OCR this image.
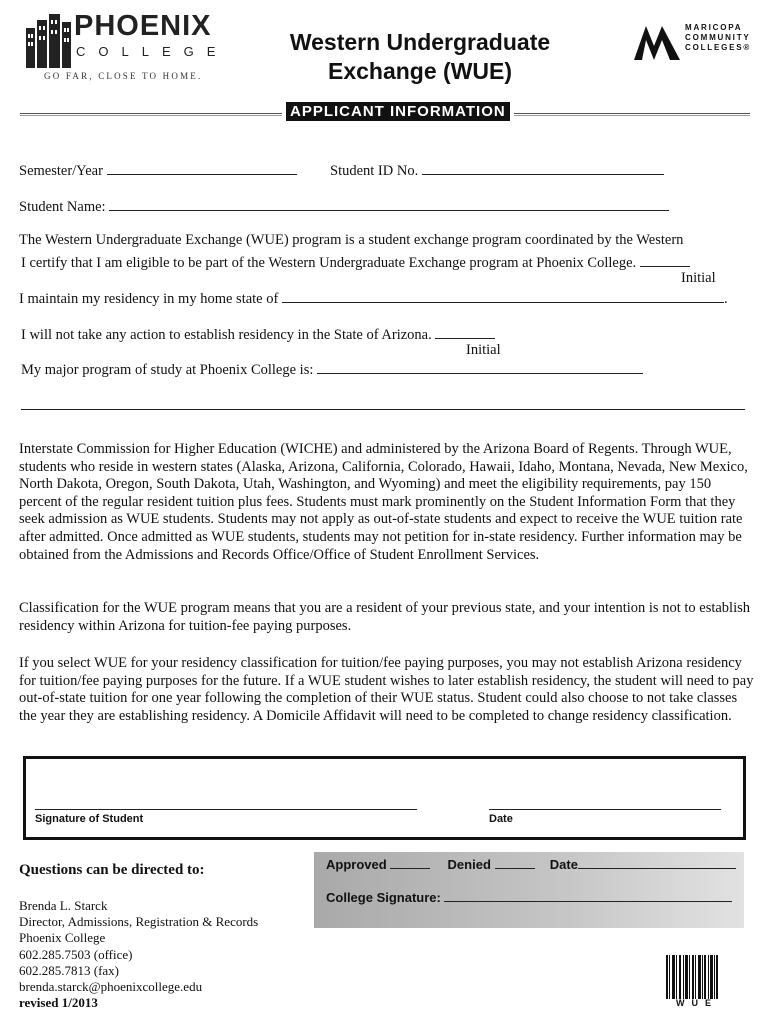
PHOENIX
COLLEGE
GO FAR, CLOSE TO HOME.
Western Undergraduate
Exchange (WUE)
MARICOPA
COMMUNITY
COLLEGES®
APPLICANT INFORMATION
Semester/Year	Student ID No.
Student Name:
The Western Undergraduate Exchange (WUE) program is a student exchange program coordinated by the Western
I certify that I am eligible to be part of the Western Undergraduate Exchange program at Phoenix College.
Initial
I maintain my residency in my home state of	.
I will not take any action to establish residency in the State of Arizona.
Initial
My major program of study at Phoenix College is:
Interstate Commission for Higher Education (WICHE) and administered by the Arizona Board of Regents. Through WUE, students who reside in western states (Alaska, Arizona, California, Colorado, Hawaii, Idaho, Montana, Nevada, New Mexico, North Dakota, Oregon, South Dakota, Utah, Washington, and Wyoming) and meet the eligibility requirements, pay 150 percent of the regular resident tuition plus fees. Students must mark prominently on the Student Information Form that they seek admission as WUE students. Students may not apply as out-of-state students and expect to receive the WUE tuition rate after admitted. Once admitted as WUE students, students may not petition for in-state residency. Further information may be obtained from the Admissions and Records Office/Office of Student Enrollment Services.
Classification for the WUE program means that you are a resident of your previous state, and your intention is not to establish residency within Arizona for tuition-fee paying purposes.
If you select WUE for your residency classification for tuition/fee paying purposes, you may not establish Arizona residency for tuition/fee paying purposes for the future. If a WUE student wishes to later establish residency, the student will need to pay out-of-state tuition for one year following the completion of their WUE status. Student could also choose to not take classes the year they are establishing residency. A Domicile Affidavit will need to be completed to change residency classification.
Signature of Student	Date
Questions can be directed to:
Brenda L. Starck
Director, Admissions, Registration & Records
Phoenix College
602.285.7503 (office)
602.285.7813 (fax)
brenda.starck@phoenixcollege.edu
revised 1/2013
Approved	Denied	Date
College Signature:
WUE
